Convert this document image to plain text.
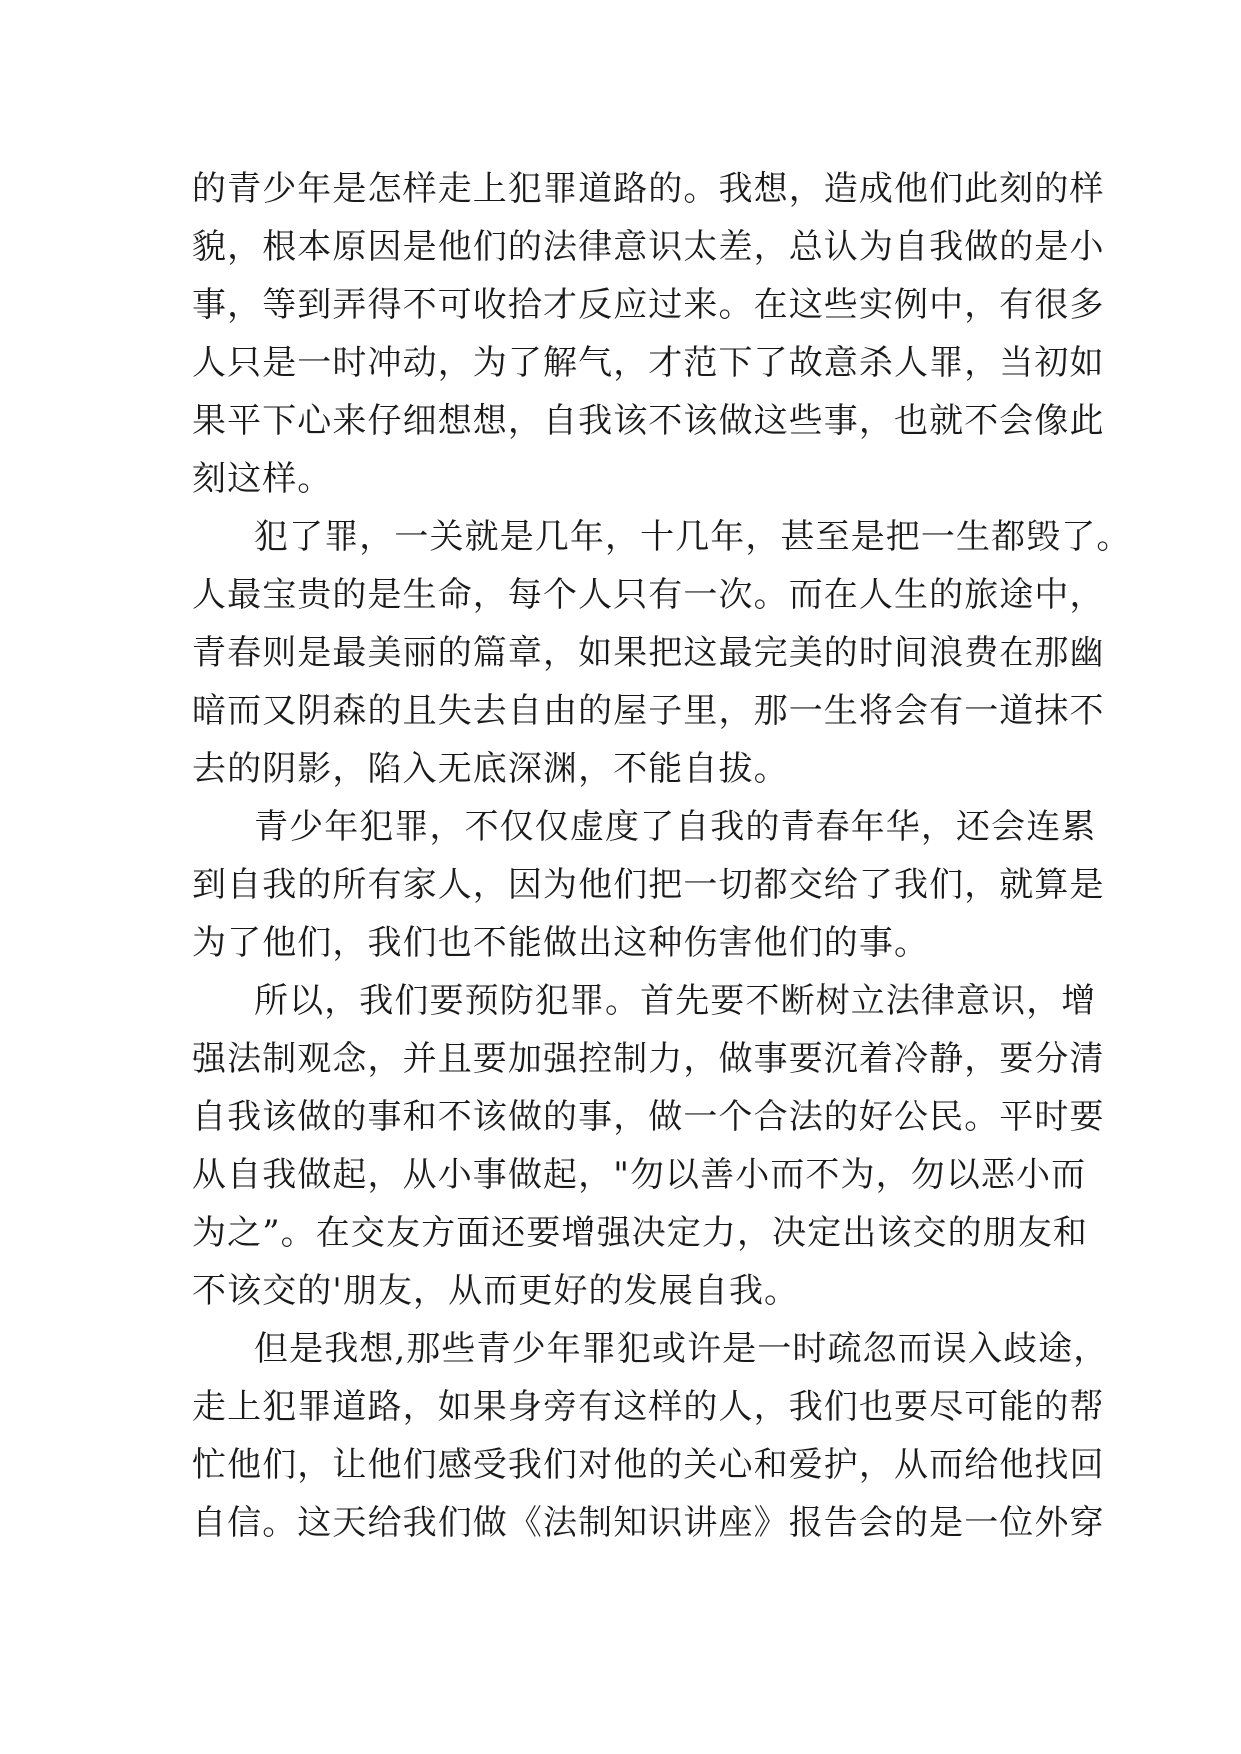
的青少年是怎样走上犯罪道路的。我想，造成他们此刻的样
貌，根本原因是他们的法律意识太差，总认为自我做的是小
事，等到弄得不可收拾才反应过来。在这些实例中，有很多
人只是一时冲动，为了解气，才范下了故意杀人罪，当初如
果平下心来仔细想想，自我该不该做这些事，也就不会像此
刻这样。
犯了罪，一关就是几年，十几年，甚至是把一生都毁了。
人最宝贵的是生命，每个人只有一次。而在人生的旅途中，
青春则是最美丽的篇章，如果把这最完美的时间浪费在那幽
暗而又阴森的且失去自由的屋子里，那一生将会有一道抹不
去的阴影，陷入无底深渊，不能自拔。
青少年犯罪，不仅仅虚度了自我的青春年华，还会连累
到自我的所有家人，因为他们把一切都交给了我们，就算是
为了他们，我们也不能做出这种伤害他们的事。
所以，我们要预防犯罪。首先要不断树立法律意识，增
强法制观念，并且要加强控制力，做事要沉着冷静，要分清
自我该做的事和不该做的事，做一个合法的好公民。平时要
从自我做起，从小事做起，"勿以善小而不为，勿以恶小而
为之”。在交友方面还要增强决定力，决定出该交的朋友和
不该交的'朋友，从而更好的发展自我。
但是我想,那些青少年罪犯或许是一时疏忽而误入歧途，
走上犯罪道路，如果身旁有这样的人，我们也要尽可能的帮
忙他们，让他们感受我们对他的关心和爱护，从而给他找回
自信。这天给我们做《法制知识讲座》报告会的是一位外穿
